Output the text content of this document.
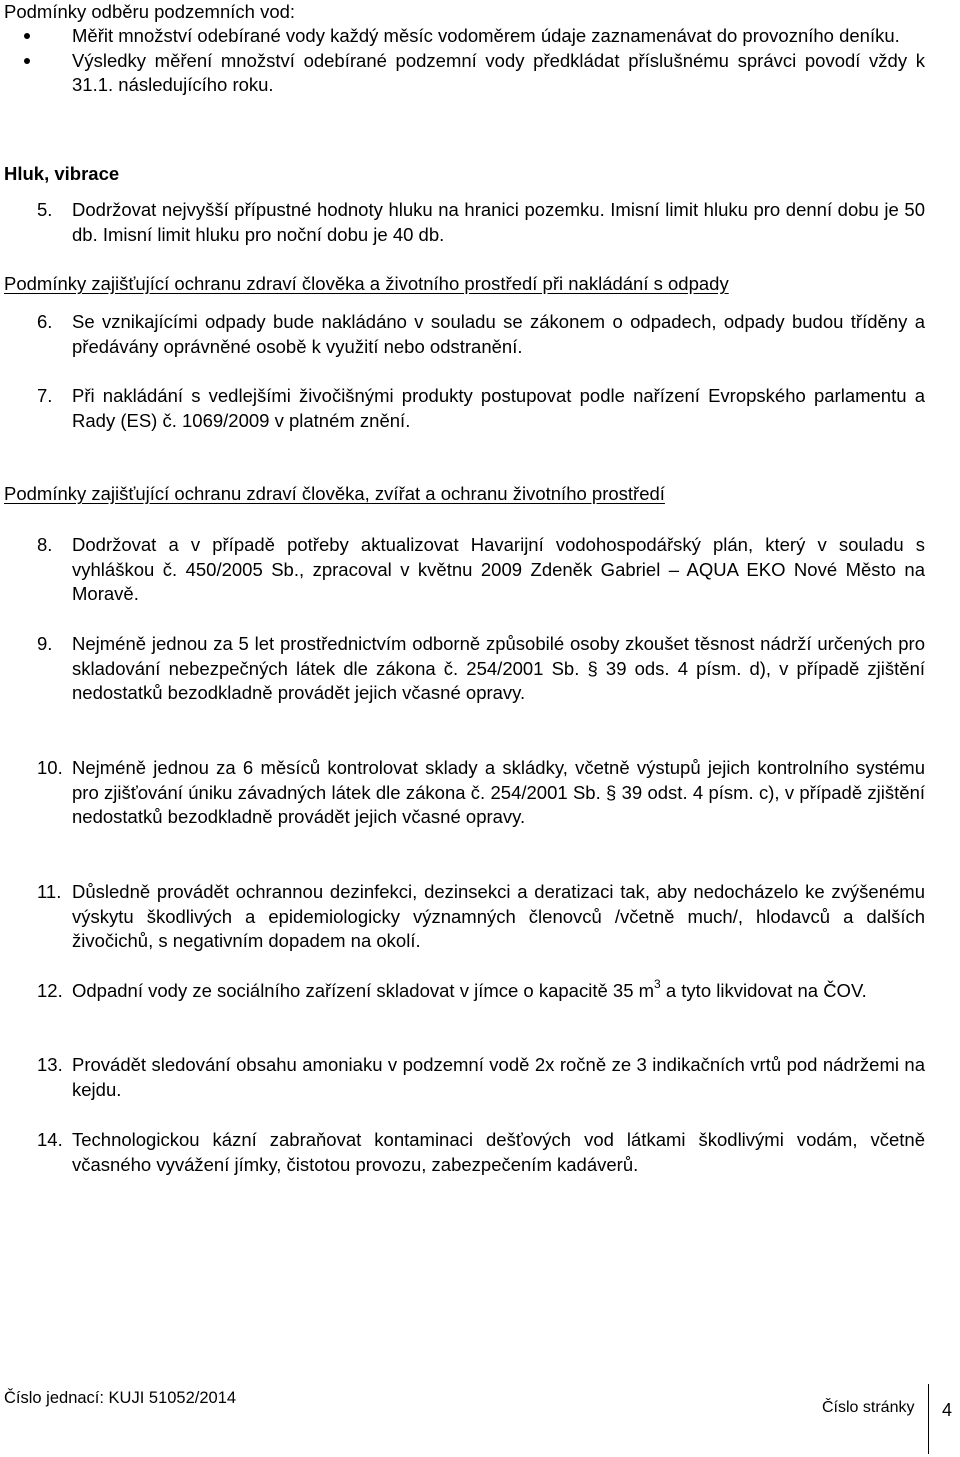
Podmínky odběru podzemních vod:

Měřit množství odebírané vody každý měsíc vodoměrem údaje zaznamenávat do provozního deníku.
Výsledky měření množství odebírané podzemní vody předkládat příslušnému správci povodí vždy k 31.1. následujícího roku.

Hluk, vibrace

5. Dodržovat nejvyšší přípustné hodnoty hluku na hranici pozemku. Imisní limit hluku pro denní dobu je 50 db. Imisní limit hluku pro noční dobu je 40 db.

Podmínky zajišťující ochranu zdraví člověka a životního prostředí při nakládání s odpady

6. Se vznikajícími odpady bude nakládáno v souladu se zákonem o odpadech, odpady budou tříděny a předávány oprávněné osobě k využití nebo odstranění.
7. Při nakládání s vedlejšími živočišnými produkty postupovat podle nařízení Evropského parlamentu a Rady (ES) č. 1069/2009 v platném znění.

Podmínky zajišťující ochranu zdraví člověka, zvířat a ochranu životního prostředí

8. Dodržovat a v případě potřeby aktualizovat Havarijní vodohospodářský plán, který v souladu s vyhláškou č. 450/2005 Sb., zpracoval v květnu 2009 Zdeněk Gabriel – AQUA EKO Nové Město na Moravě.
9. Nejméně jednou za 5 let prostřednictvím odborně způsobilé osoby zkoušet těsnost nádrží určených pro skladování nebezpečných látek dle zákona č. 254/2001 Sb. § 39 ods. 4 písm. d), v případě zjištění nedostatků bezodkladně provádět jejich včasné opravy.
10. Nejméně jednou za 6 měsíců kontrolovat sklady a skládky, včetně výstupů jejich kontrolního systému pro zjišťování úniku závadných látek dle zákona č. 254/2001 Sb. § 39 odst. 4 písm. c), v případě zjištění nedostatků bezodkladně provádět jejich včasné opravy.
11. Důsledně provádět ochrannou dezinfekci, dezinsekci a deratizaci tak, aby nedocházelo ke zvýšenému výskytu škodlivých a epidemiologicky významných členovců /včetně much/, hlodavců a dalších živočichů, s negativním dopadem na okolí.
12. Odpadní vody ze sociálního zařízení skladovat v jímce o kapacitě 35 $m^3$ a tyto likvidovat na ČOV.
13. Provádět sledování obsahu amoniaku v podzemní vodě 2x ročně ze 3 indikačních vrtů pod nádržemi na kejdu.
14. Technologickou kázní zabraňovat kontaminaci dešťových vod látkami škodlivými vodám, včetně včasného vyvážení jímky, čistotou provozu, zabezpečením kadáverů.
Číslo jednací: KUJI 51052/2014
Číslo stránky 4
